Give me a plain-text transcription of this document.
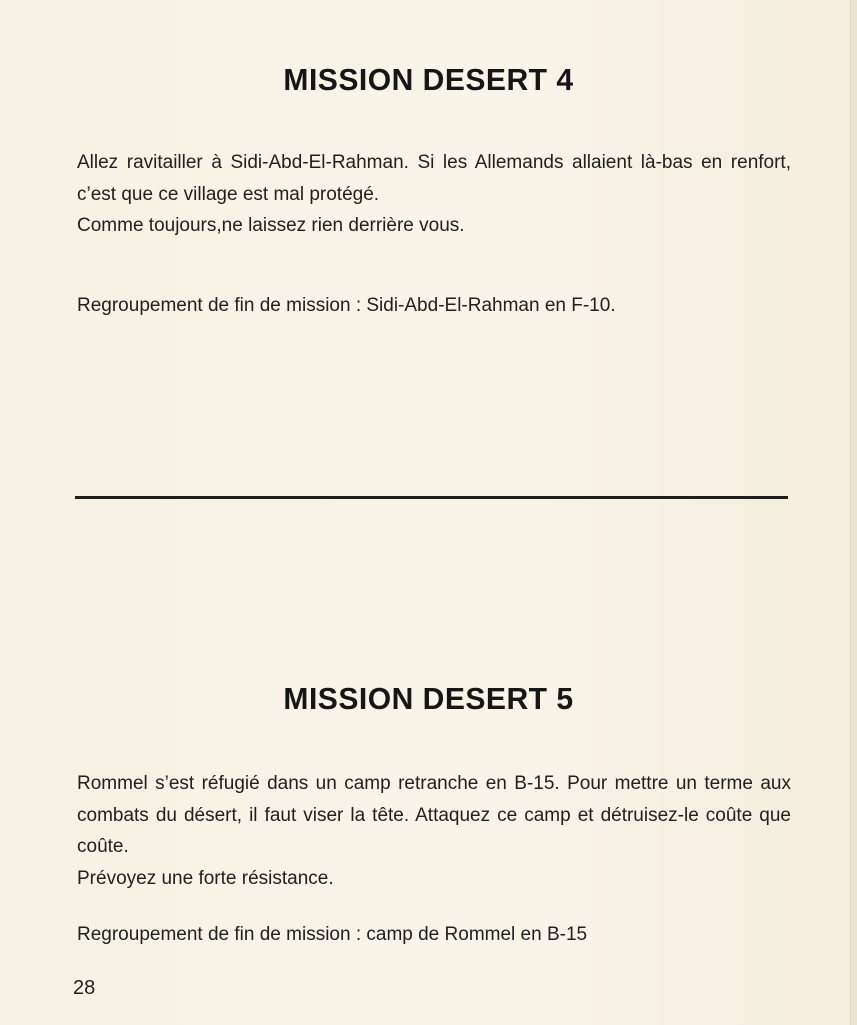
MISSION DESERT 4

Allez ravitailler à Sidi-Abd-El-Rahman. Si les Allemands allaient là-bas en renfort, c’est que ce village est mal protégé.

Comme toujours,ne laissez rien derrière vous.

Regroupement de fin de mission : Sidi-Abd-El-Rahman en F-10.

MISSION DESERT 5

Rommel s’est réfugié dans un camp retranche en B-15. Pour mettre un terme aux combats du désert, il faut viser la tête. Attaquez ce camp et détruisez-le coûte que coûte.

Prévoyez une forte résistance.

Regroupement de fin de mission : camp de Rommel en B-15

28
